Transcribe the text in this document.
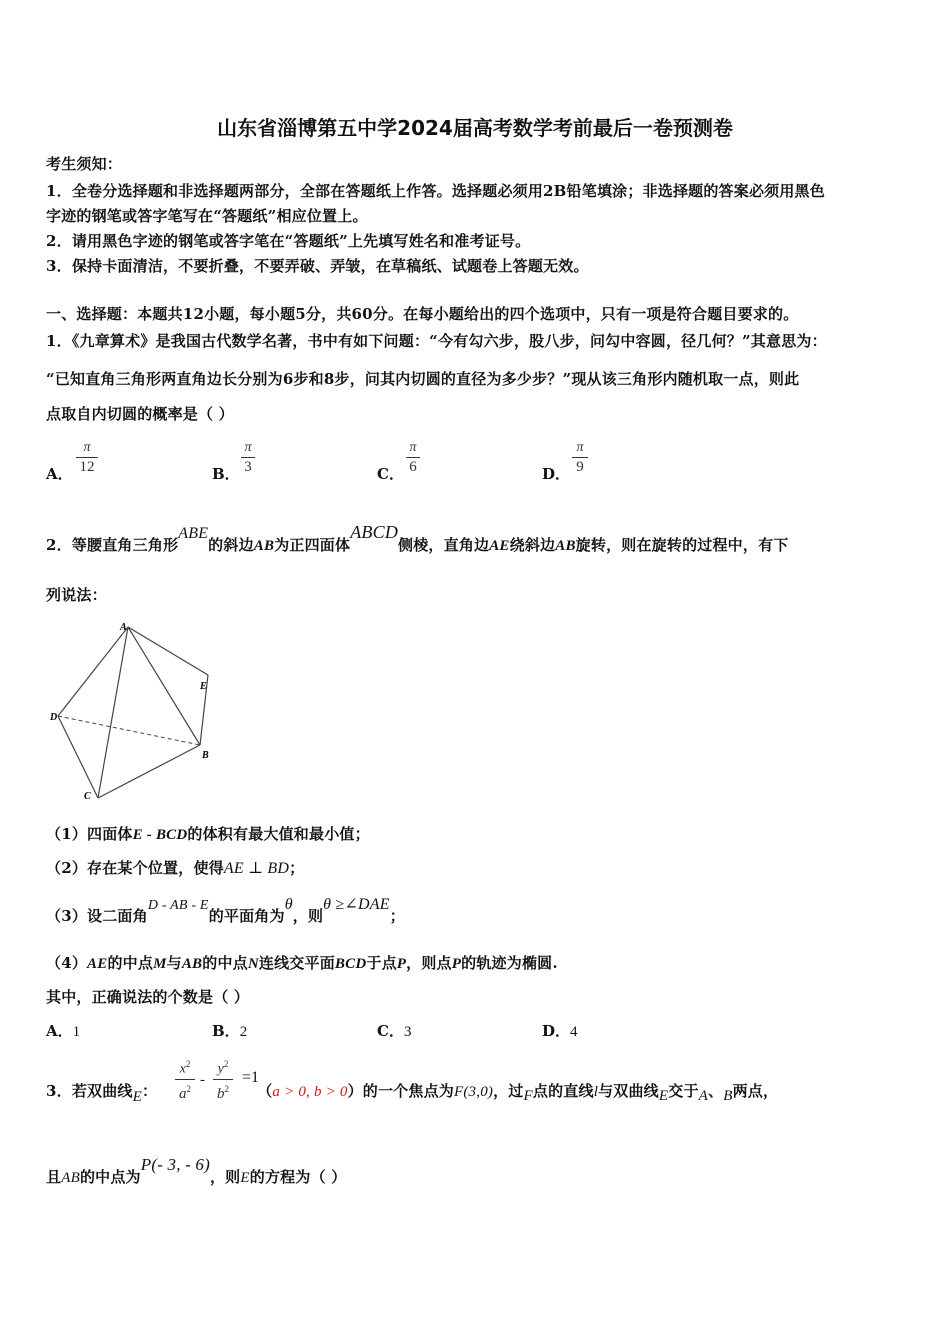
山东省淄博第五中学2024届高考数学考前最后一卷预测卷
考生须知：
1．全卷分选择题和非选择题两部分，全部在答题纸上作答。选择题必须用2B铅笔填涂；非选择题的答案必须用黑色
字迹的钢笔或答字笔写在“答题纸”相应位置上。
2．请用黑色字迹的钢笔或答字笔在“答题纸”上先填写姓名和准考证号。
3．保持卡面清洁，不要折叠，不要弄破、弄皱，在草稿纸、试题卷上答题无效。
一、选择题：本题共12小题，每小题5分，共60分。在每小题给出的四个选项中，只有一项是符合题目要求的。
1．《九章算术》是我国古代数学名著，书中有如下问题：“今有勾六步，股八步，问勾中容圆，径几何？”其意思为：
“已知直角三角形两直角边长分别为6步和8步，问其内切圆的直径为多少步？”现从该三角形内随机取一点，则此
点取自内切圆的概率是（ ）
A．
π
12	B．
π
3	C．
π
6	D．
π
9
2．等腰直角三角形ABE的斜边AB为正四面体ABCD侧棱，直角边AE绕斜边AB旋转，则在旋转的过程中，有下
列说法：
A
E
D
B
C
（1）四面体E - BCD的体积有最大值和最小值；
（2）存在某个位置，使得AE ⊥ BD；
（3）设二面角D - AB - E的平面角为θ，则θ ≥∠DAE；
（4）AE的中点M与AB的中点N连线交平面BCD于点P，则点P的轨迹为椭圆.
其中，正确说法的个数是（ ）
A．1	B．2	C．3	D．4
3．若双曲线E：	（a > 0, b > 0）的一个焦点为F(3,0)，过F点的直线l与双曲线E交于A、B两点，
$x^2$
$a^2$
-
$y^2$
$b^2$
=1
且AB的中点为P(- 3, - 6)，则E的方程为（ ）
